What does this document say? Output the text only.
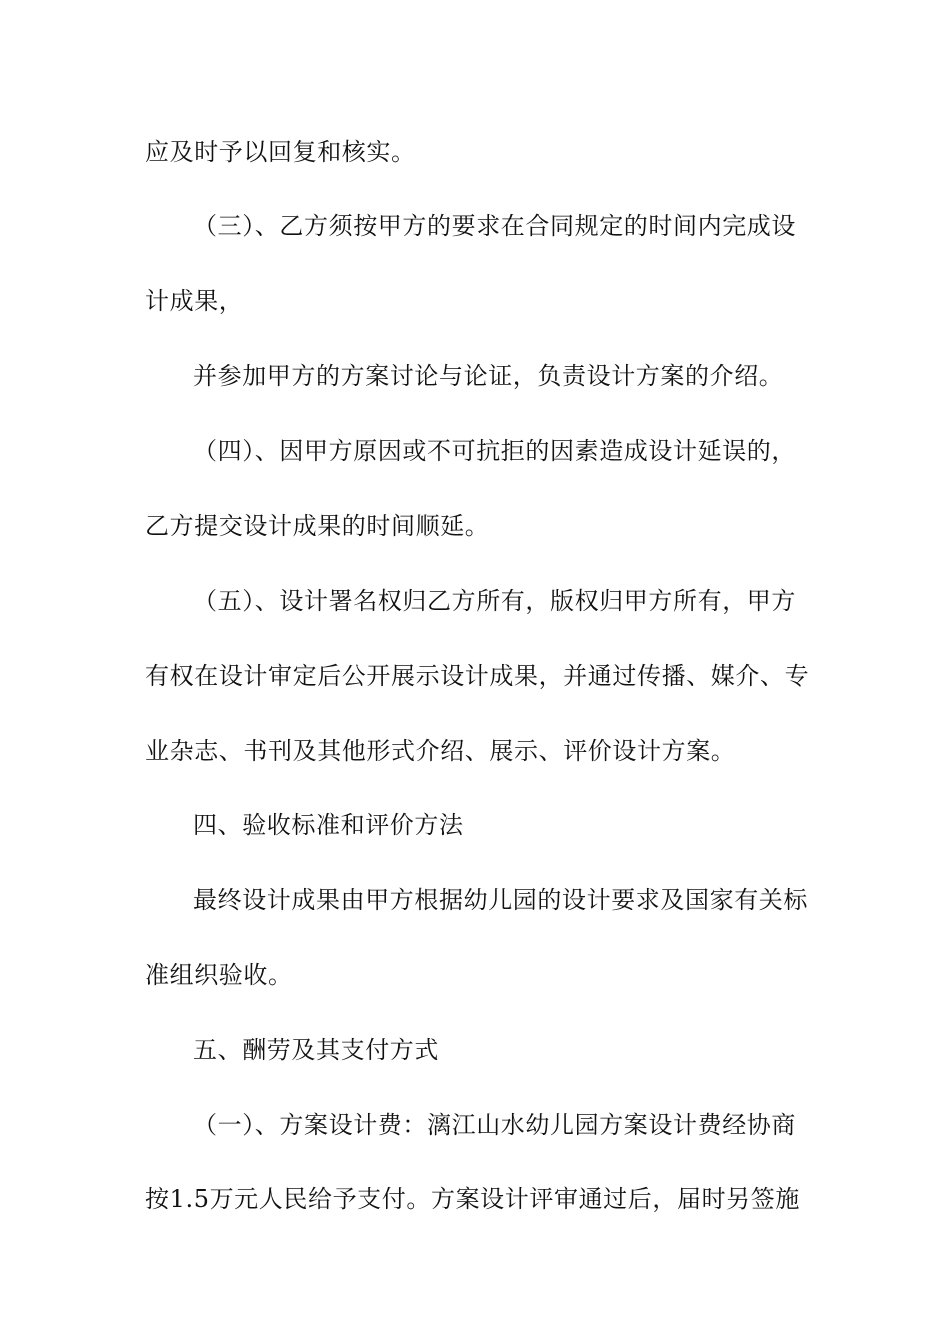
应及时予以回复和核实。
（三）、乙方须按甲方的要求在合同规定的时间内完成设
计成果，
并参加甲方的方案讨论与论证，负责设计方案的介绍。
（四）、因甲方原因或不可抗拒的因素造成设计延误的，
乙方提交设计成果的时间顺延。
（五）、设计署名权归乙方所有，版权归甲方所有，甲方
有权在设计审定后公开展示设计成果，并通过传播、媒介、专
业杂志、书刊及其他形式介绍、展示、评价设计方案。
四、验收标准和评价方法
最终设计成果由甲方根据幼儿园的设计要求及国家有关标
准组织验收。
五、酬劳及其支付方式
（一）、方案设计费：漓江山水幼儿园方案设计费经协商
按1.5万元人民给予支付。方案设计评审通过后，届时另签施
